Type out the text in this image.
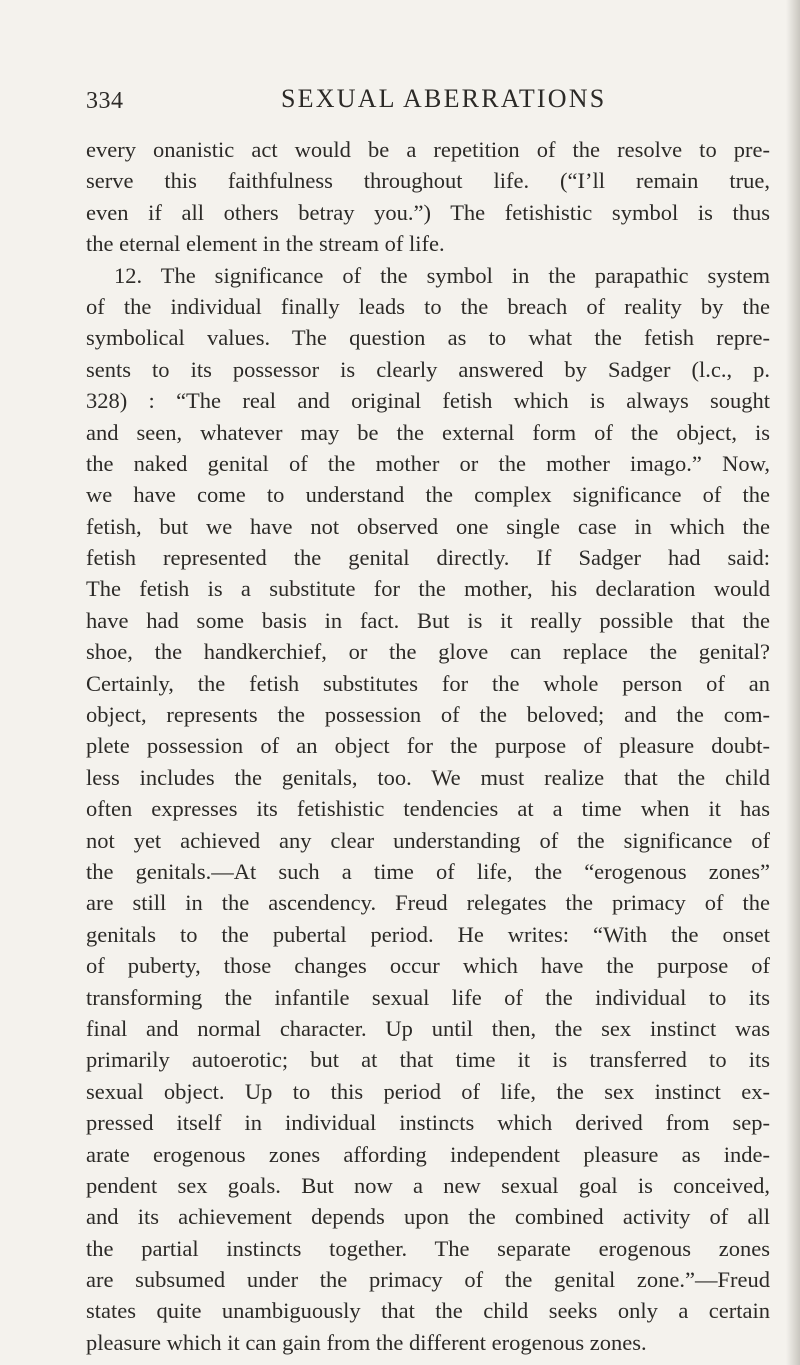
334	SEXUAL ABERRATIONS
every onanistic act would be a repetition of the resolve to pre-
serve this faithfulness throughout life. (“I’ll remain true,
even if all others betray you.”) The fetishistic symbol is thus
the eternal element in the stream of life.
12. The significance of the symbol in the parapathic system
of the individual finally leads to the breach of reality by the
symbolical values. The question as to what the fetish repre-
sents to its possessor is clearly answered by Sadger (l.c., p.
328) : “The real and original fetish which is always sought
and seen, whatever may be the external form of the object, is
the naked genital of the mother or the mother imago.” Now,
we have come to understand the complex significance of the
fetish, but we have not observed one single case in which the
fetish represented the genital directly. If Sadger had said:
The fetish is a substitute for the mother, his declaration would
have had some basis in fact. But is it really possible that the
shoe, the handkerchief, or the glove can replace the genital?
Certainly, the fetish substitutes for the whole person of an
object, represents the possession of the beloved; and the com-
plete possession of an object for the purpose of pleasure doubt-
less includes the genitals, too. We must realize that the child
often expresses its fetishistic tendencies at a time when it has
not yet achieved any clear understanding of the significance of
the genitals.—At such a time of life, the “erogenous zones”
are still in the ascendency. Freud relegates the primacy of the
genitals to the pubertal period. He writes: “With the onset
of puberty, those changes occur which have the purpose of
transforming the infantile sexual life of the individual to its
final and normal character. Up until then, the sex instinct was
primarily autoerotic; but at that time it is transferred to its
sexual object. Up to this period of life, the sex instinct ex-
pressed itself in individual instincts which derived from sep-
arate erogenous zones affording independent pleasure as inde-
pendent sex goals. But now a new sexual goal is conceived,
and its achievement depends upon the combined activity of all
the partial instincts together. The separate erogenous zones
are subsumed under the primacy of the genital zone.”—Freud
states quite unambiguously that the child seeks only a certain
pleasure which it can gain from the different erogenous zones.
